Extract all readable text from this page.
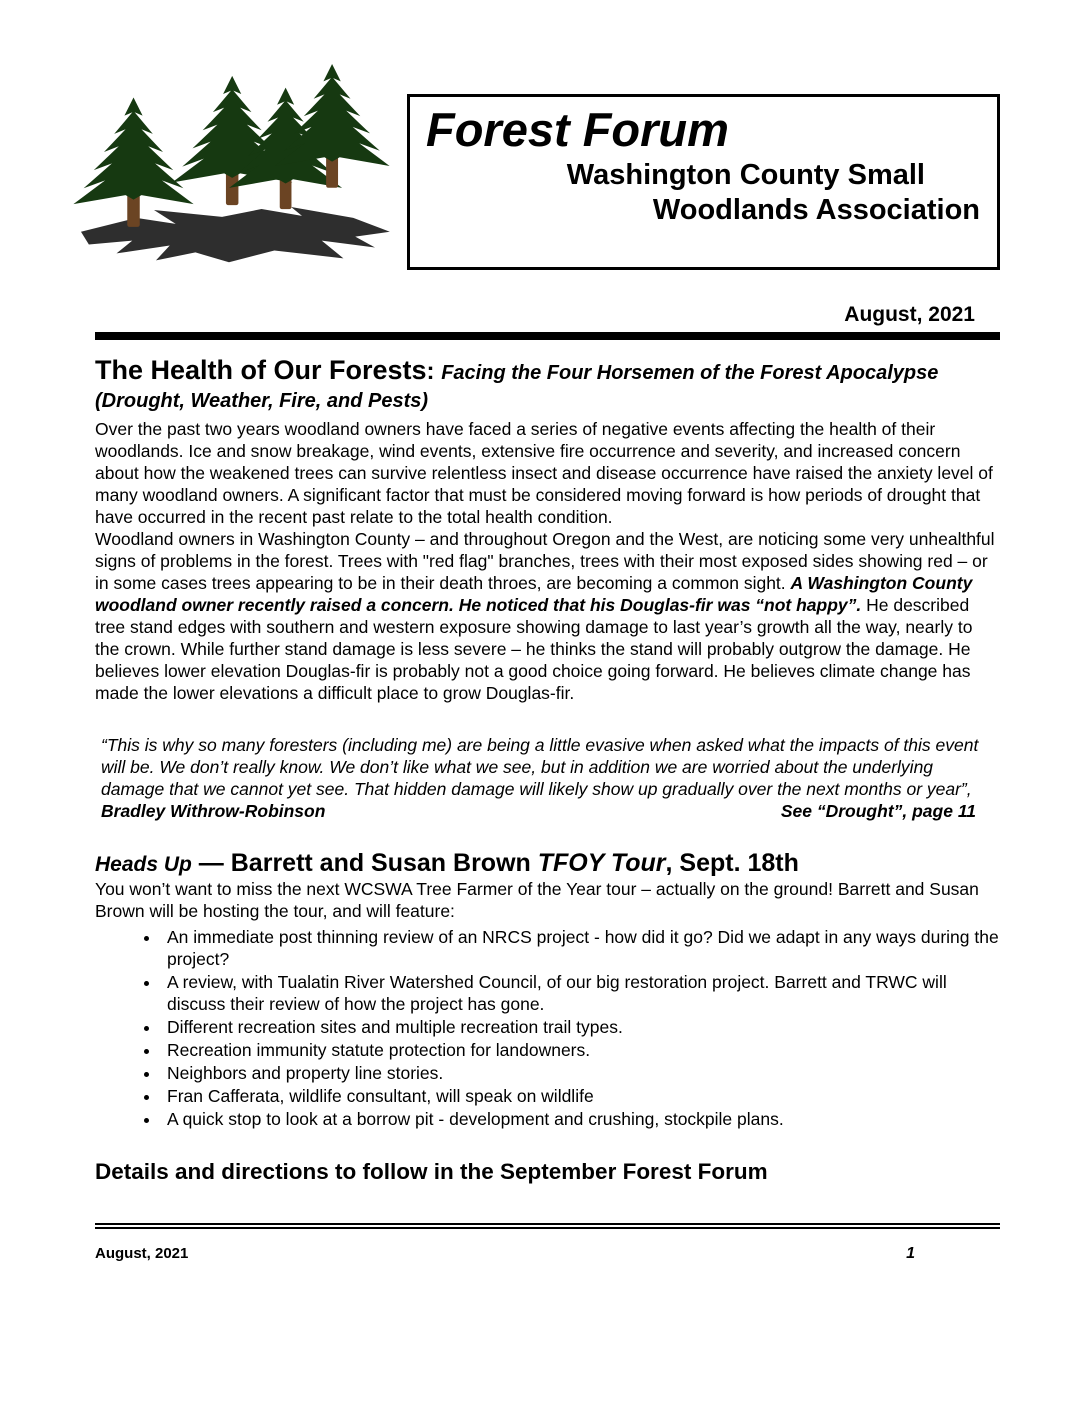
Forest Forum
Washington County Small
Woodlands Association
August, 2021
The Health of Our Forests: Facing the Four Horsemen of the Forest Apocalypse
(Drought, Weather, Fire, and Pests)

Over the past two years woodland owners have faced a series of negative events affecting the health of their woodlands. Ice and snow breakage, wind events, extensive fire occurrence and severity, and increased concern about how the weakened trees can survive relentless insect and disease occurrence have raised the anxiety level of many woodland owners. A significant factor that must be considered moving forward is how periods of drought that have occurred in the recent past relate to the total health condition.

Woodland owners in Washington County – and throughout Oregon and the West, are noticing some very unhealthful signs of problems in the forest. Trees with "red flag" branches, trees with their most exposed sides showing red – or in some cases trees appearing to be in their death throes, are becoming a common sight. A Washington County woodland owner recently raised a concern. He noticed that his Douglas-fir was “not happy”. He described tree stand edges with southern and western exposure showing damage to last year’s growth all the way, nearly to the crown. While further stand damage is less severe – he thinks the stand will probably outgrow the damage. He believes lower elevation Douglas-fir is probably not a good choice going forward. He believes climate change has made the lower elevations a difficult place to grow Douglas-fir.

“This is why so many foresters (including me) are being a little evasive when asked what the impacts of this event will be. We don’t really know. We don’t like what we see, but in addition we are worried about the underlying damage that we cannot yet see. That hidden damage will likely show up gradually over the next months or year”, Bradley Withrow-Robinson	See “Drought”, page 11

Heads Up — Barrett and Susan Brown TFOY Tour, Sept. 18th

You won’t want to miss the next WCSWA Tree Farmer of the Year tour – actually on the ground! Barrett and Susan Brown will be hosting the tour, and will feature:

• An immediate post thinning review of an NRCS project - how did it go? Did we adapt in any ways during the project?
• A review, with Tualatin River Watershed Council, of our big restoration project. Barrett and TRWC will discuss their review of how the project has gone.
• Different recreation sites and multiple recreation trail types.
• Recreation immunity statute protection for landowners.
• Neighbors and property line stories.
• Fran Cafferata, wildlife consultant, will speak on wildlife
• A quick stop to look at a borrow pit - development and crushing, stockpile plans.
Details and directions to follow in the September Forest Forum
August, 2021	1
